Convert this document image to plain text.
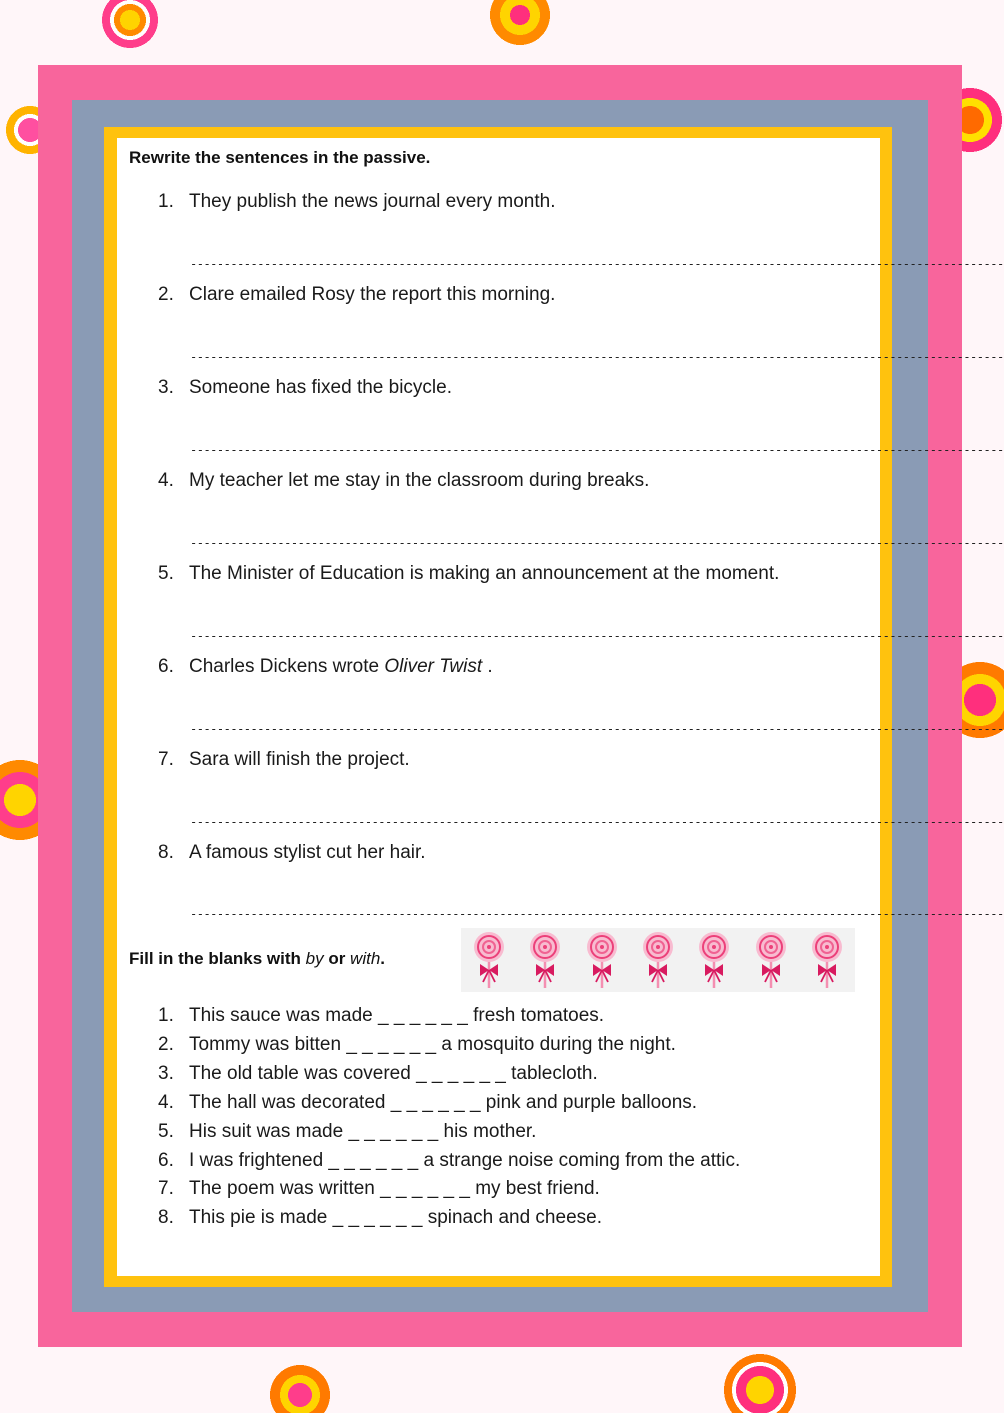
Rewrite the sentences in the passive.
1. They publish the news journal every month.
-------------------------------------------------------------------------------------------------------------------------
2. Clare emailed Rosy the report this morning.
-------------------------------------------------------------------------------------------------------------------------
3. Someone has fixed the bicycle.
-------------------------------------------------------------------------------------------------------------------------
4. My teacher let me stay in the classroom during breaks.
-------------------------------------------------------------------------------------------------------------------------
5. The Minister of Education is making an announcement at the moment.
-------------------------------------------------------------------------------------------------------------------------
6. Charles Dickens wrote Oliver Twist .
-------------------------------------------------------------------------------------------------------------------------
7. Sara will finish the project.
-------------------------------------------------------------------------------------------------------------------------
8. A famous stylist cut her hair.
-------------------------------------------------------------------------------------------------------------------------
Fill in the blanks with by or with.
1. This sauce was made _ _ _ _ _ _ fresh tomatoes.
2. Tommy was bitten _ _ _ _ _ _ a mosquito during the night.
3. The old table was covered _ _ _ _ _ _ tablecloth.
4. The hall was decorated _ _ _ _ _ _ pink and purple balloons.
5. His suit was made _ _ _ _ _ _ his mother.
6. I was frightened _ _ _ _ _ _ a strange noise coming from the attic.
7. The poem was written _ _ _ _ _ _ my best friend.
8. This pie is made _ _ _ _ _ _ spinach and cheese.
